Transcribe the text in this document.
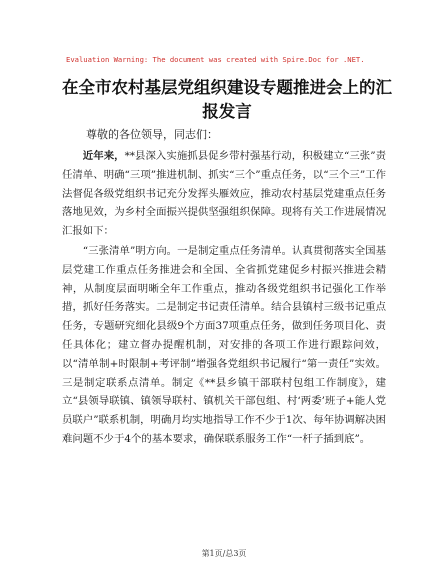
Evaluation Warning: The document was created with Spire.Doc for .NET.
在全市农村基层党组织建设专题推进会上的汇报发言
尊敬的各位领导，同志们：
近年来，**县深入实施抓县促乡带村强基行动，积极建立“三张”责任清单、明确“三项”推进机制、抓实“三个”重点任务，以“三个三”工作法督促各级党组织书记充分发挥头雁效应，推动农村基层党建重点任务落地见效，为乡村全面振兴提供坚强组织保障。现将有关工作进展情况汇报如下：
“三张清单”明方向。一是制定重点任务清单。认真贯彻落实全国基层党建工作重点任务推进会和全国、全省抓党建促乡村振兴推进会精神，从制度层面明晰全年工作重点，推动各级党组织书记强化工作举措，抓好任务落实。二是制定书记责任清单。结合县镇村三级书记重点任务，专题研究细化县级9个方面37项重点任务，做到任务项目化、责任具体化；建立督办提醒机制，对安排的各项工作进行跟踪问效，以“清单制+时限制+考评制”增强各党组织书记履行“第一责任”实效。三是制定联系点清单。制定《**县乡镇干部联村包组工作制度》，建立“县领导联镇、镇领导联村、镇机关干部包组、村‘两委’班子+能人党员联户”联系机制，明确月均实地指导工作不少于1次、每年协调解决困难问题不少于4个的基本要求，确保联系服务工作“一杆子插到底”。
第1页/总3页
